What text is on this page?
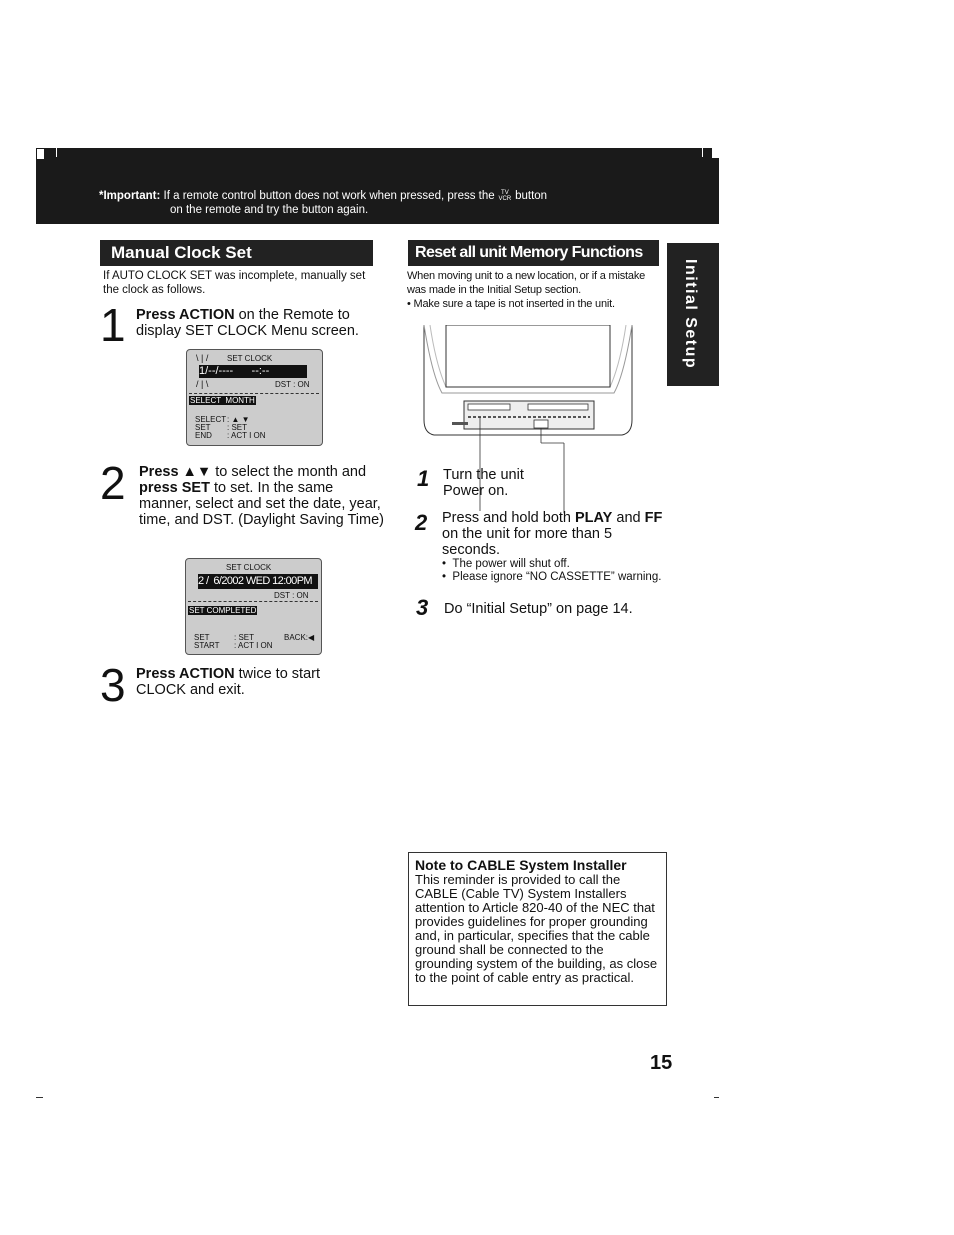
*Important: If a remote control button does not work when pressed, press the TV
VCR button
on the remote and try the button again.
Manual Clock Set
If AUTO CLOCK SET was incomplete, manually set the clock as follows.
1 Press ACTION on the Remote to display SET CLOCK Menu screen.
SET CLOCK
\ | /
/ | \
1/--/----      --:--
DST : ON
SELECT  MONTH
SELECT : ▲ ▼
SET : SET
END : ACT I ON
2 Press ▲▼ to select the month and press SET to set. In the same manner, select and set the date, year, time, and DST. (Daylight Saving Time)
SET CLOCK
2 /  6/2002 WED 12:00PM
DST : ON
SET COMPLETED
SET	: SET
START : ACT I ON
BACK:◀
3 Press ACTION twice to start CLOCK and exit.
Reset all unit Memory Functions
When moving unit to a new location, or if a mistake was made in the Initial Setup section.
• Make sure a tape is not inserted in the unit.
1 Turn the unit Power on.
2 Press and hold both PLAY and FF on the unit for more than 5 seconds.
•  The power will shut off.
•  Please ignore “NO CASSETTE” warning.
3 Do “Initial Setup” on page 14.
Initial Setup
Note to CABLE System Installer
This reminder is provided to call the CABLE (Cable TV) System Installers attention to Article 820-40 of the NEC that provides guidelines for proper grounding and, in particular, specifies that the cable ground shall be connected to the grounding system of the building, as close to the point of cable entry as practical.
15
